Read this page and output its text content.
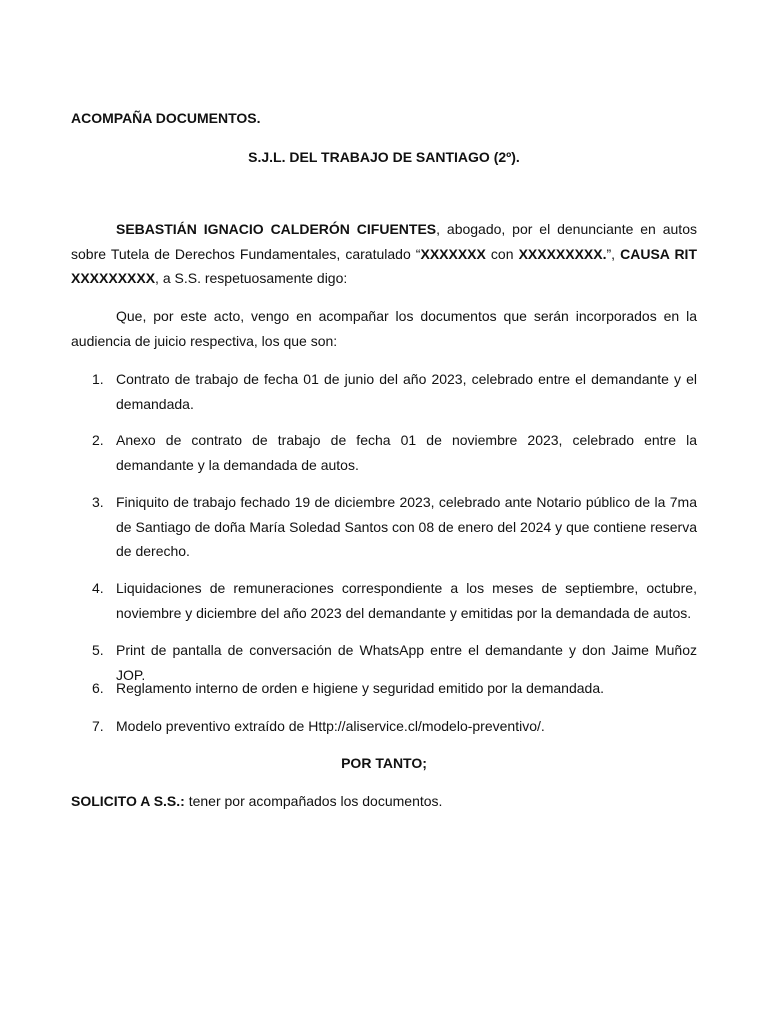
ACOMPAÑA DOCUMENTOS.
S.J.L. DEL TRABAJO DE SANTIAGO (2º).
SEBASTIÁN IGNACIO CALDERÓN CIFUENTES, abogado, por el denunciante en autos sobre Tutela de Derechos Fundamentales, caratulado “XXXXXXX con XXXXXXXXX.”, CAUSA RIT XXXXXXXXX, a S.S. respetuosamente digo:
Que, por este acto, vengo en acompañar los documentos que serán incorporados en la audiencia de juicio respectiva, los que son:
1. Contrato de trabajo de fecha 01 de junio del año 2023, celebrado entre el demandante y el demandada.
2. Anexo de contrato de trabajo de fecha 01 de noviembre 2023, celebrado entre la demandante y la demandada de autos.
3. Finiquito de trabajo fechado 19 de diciembre 2023, celebrado ante Notario público de la 7ma de Santiago de doña María Soledad Santos con 08 de enero del 2024 y que contiene reserva de derecho.
4. Liquidaciones de remuneraciones correspondiente a los meses de septiembre, octubre, noviembre y diciembre del año 2023 del demandante y emitidas por la demandada de autos.
5. Print de pantalla de conversación de WhatsApp entre el demandante y don Jaime Muñoz JOP.
6. Reglamento interno de orden e higiene y seguridad emitido por la demandada.
7. Modelo preventivo extraído de Http://aliservice.cl/modelo-preventivo/.
POR TANTO;
SOLICITO A S.S.: tener por acompañados los documentos.
